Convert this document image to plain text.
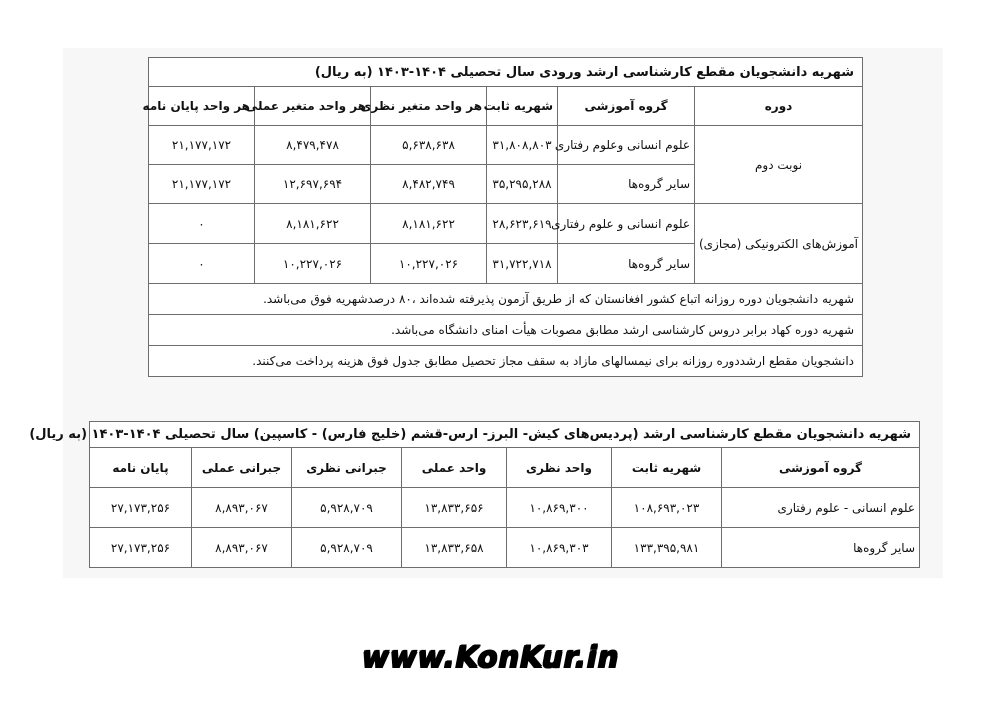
شهریه دانشجویان مقطع کارشناسی ارشد ورودی سال تحصیلی ۱۴۰۴-۱۴۰۳ (به ریال)					
دوره	گروه آموزشی	شهریه ثابت	هر واحد متغیر نظری	هر واحد متغیر عملی	هر واحد پایان نامه
نوبت دوم	علوم انسانی وعلوم رفتاری	۳۱,۸۰۸,۸۰۳	۵,۶۳۸,۶۳۸	۸,۴۷۹,۴۷۸	۲۱,۱۷۷,۱۷۲
	سایر گروه‌ها	۳۵,۲۹۵,۲۸۸	۸,۴۸۲,۷۴۹	۱۲,۶۹۷,۶۹۴	۲۱,۱۷۷,۱۷۲
آموزش‌های الکترونیکی (مجازی)	علوم انسانی و علوم رفتاری	۲۸,۶۲۳,۶۱۹	۸,۱۸۱,۶۲۲	۸,۱۸۱,۶۲۲	۰
	سایر گروه‌ها	۳۱,۷۲۲,۷۱۸	۱۰,۲۲۷,۰۲۶	۱۰,۲۲۷,۰۲۶	۰
شهریه دانشجویان دوره روزانه اتباع کشور افغانستان که از طریق آزمون پذیرفته شده‌اند ،۸۰ درصدشهریه فوق می‌باشد.					
شهریه دوره کهاد برابر دروس کارشناسی ارشد مطابق مصوبات هیأت امنای دانشگاه می‌باشد.					
دانشجویان مقطع ارشددوره روزانه برای نیمسالهای مازاد به سقف مجاز تحصیل مطابق جدول فوق هزینه پرداخت می‌کنند.					
شهریه دانشجویان مقطع کارشناسی ارشد (پردیس‌های کیش- البرز- ارس-قشم (خلیج فارس) - کاسپین) سال تحصیلی ۱۴۰۴-۱۴۰۳ (به ریال)						
گروه آموزشی	شهریه ثابت	واحد نظری	واحد عملی	جبرانی نظری	جبرانی عملی	پایان نامه
علوم انسانی - علوم رفتاری	۱۰۸,۶۹۳,۰۲۳	۱۰,۸۶۹,۳۰۰	۱۳,۸۳۳,۶۵۶	۵,۹۲۸,۷۰۹	۸,۸۹۳,۰۶۷	۲۷,۱۷۳,۲۵۶
سایر گروه‌ها	۱۳۳,۳۹۵,۹۸۱	۱۰,۸۶۹,۳۰۳	۱۳,۸۳۳,۶۵۸	۵,۹۲۸,۷۰۹	۸,۸۹۳,۰۶۷	۲۷,۱۷۳,۲۵۶
www.KonKur.in
